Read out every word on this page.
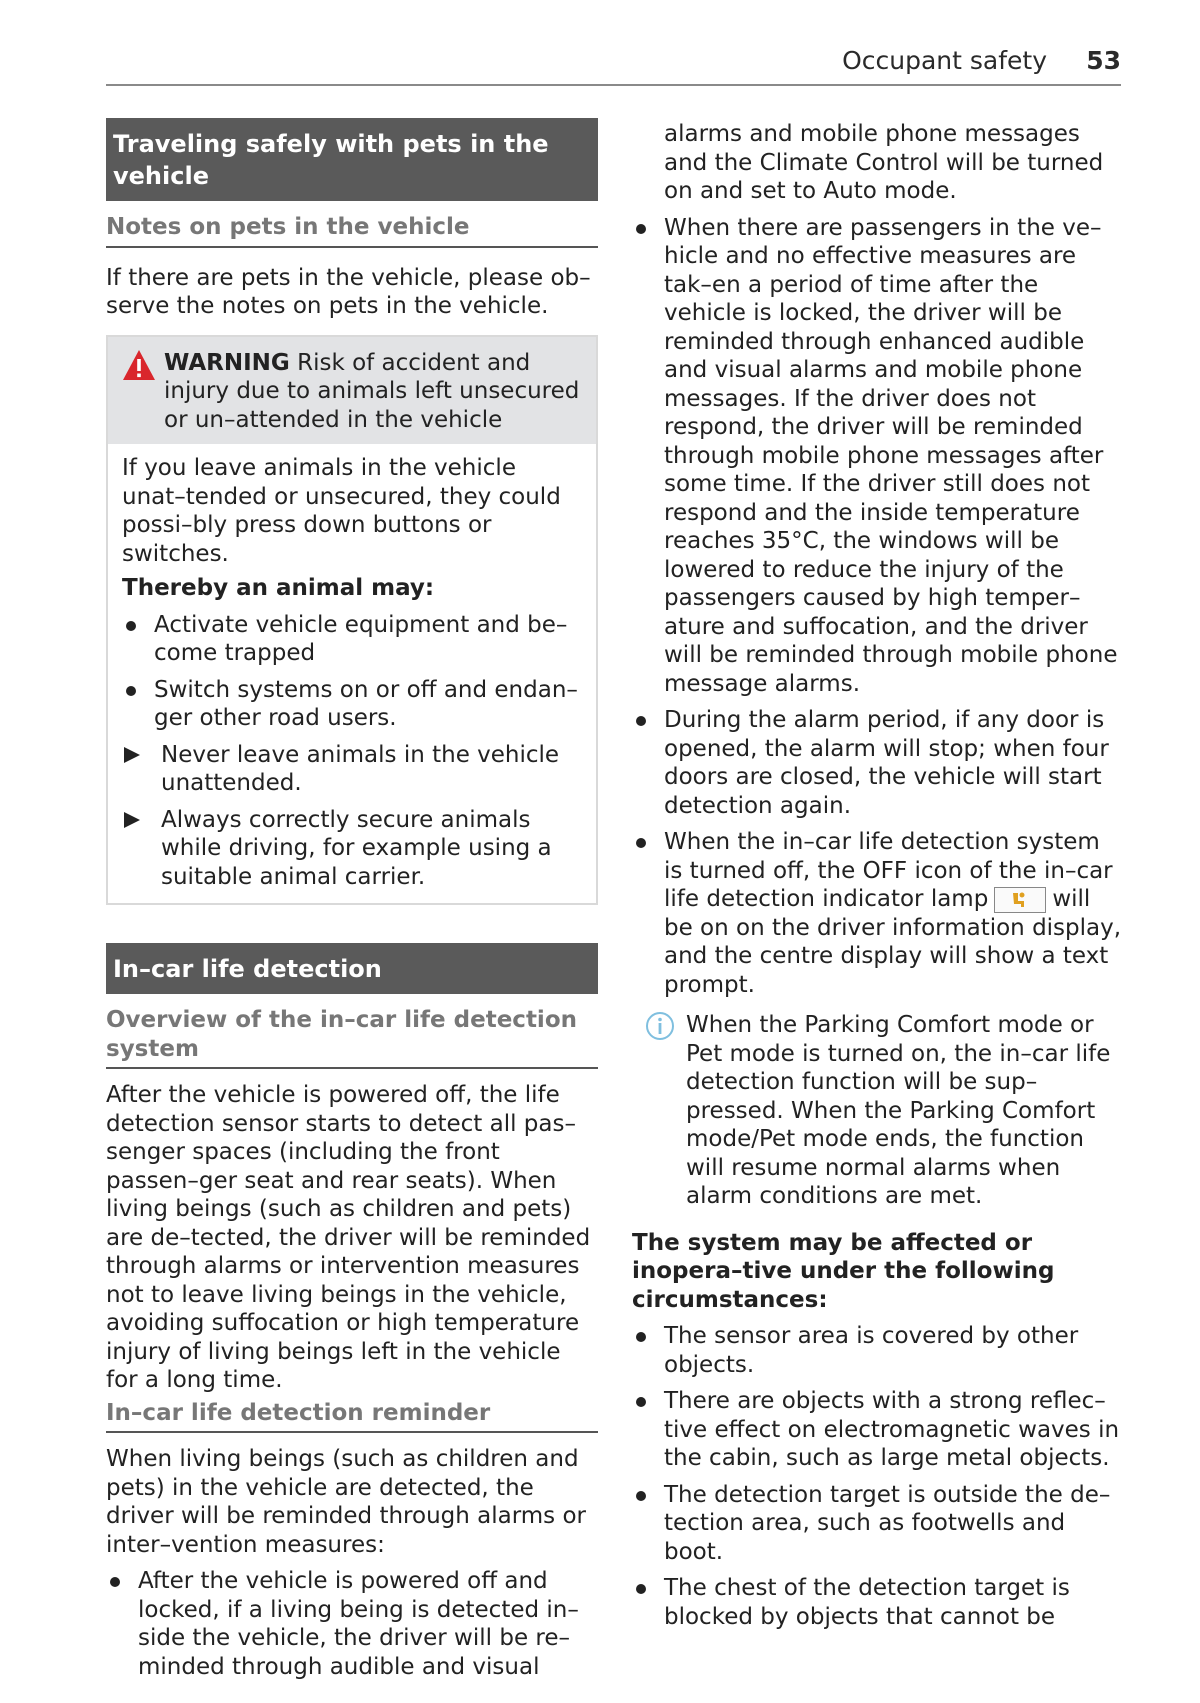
Occupant safety 53
Traveling safely with pets in the vehicle
Notes on pets in the vehicle

If there are pets in the vehicle, please ob–serve the notes on pets in the vehicle.

WARNING Risk of accident and injury due to animals left unsecured or un–attended in the vehicle

If you leave animals in the vehicle unat–tended or unsecured, they could possi–bly press down buttons or switches.

Thereby an animal may:

Activate vehicle equipment and be–come trapped
Switch systems on or off and endan–ger other road users.
Never leave animals in the vehicle unattended.
Always correctly secure animals while driving, for example using a suitable animal carrier.
In–car life detection
Overview of the in–car life detection system

After the vehicle is powered off, the life detection sensor starts to detect all pas–senger spaces (including the front passen–ger seat and rear seats). When living beings (such as children and pets) are de–tected, the driver will be reminded through alarms or intervention measures not to leave living beings in the vehicle, avoiding suffocation or high temperature injury of living beings left in the vehicle for a long time.

In–car life detection reminder

When living beings (such as children and pets) in the vehicle are detected, the driver will be reminded through alarms or inter–vention measures:

After the vehicle is powered off and locked, if a living being is detected in–side the vehicle, the driver will be re–minded through audible and visual

alarms and mobile phone messages and the Climate Control will be turned on and set to Auto mode.

When there are passengers in the ve–hicle and no effective measures are tak–en a period of time after the vehicle is locked, the driver will be reminded through enhanced audible and visual alarms and mobile phone messages. If the driver does not respond, the driver will be reminded through mobile phone messages after some time. If the driver still does not respond and the inside temperature reaches 35°C, the windows will be lowered to reduce the injury of the passengers caused by high temper–ature and suffocation, and the driver will be reminded through mobile phone message alarms.
During the alarm period, if any door is opened, the alarm will stop; when four doors are closed, the vehicle will start detection again.
When the in–car life detection system is turned off, the OFF icon of the in–car life detection indicator lamp	will be on on the driver information display, and the centre display will show a text prompt.

When the Parking Comfort mode or Pet mode is turned on, the in–car life detection function will be sup–pressed. When the Parking Comfort mode/Pet mode ends, the function will resume normal alarms when alarm conditions are met.

The system may be affected or inopera–tive under the following circumstances:

The sensor area is covered by other objects.
There are objects with a strong reflec–tive effect on electromagnetic waves in the cabin, such as large metal objects.
The detection target is outside the de–tection area, such as footwells and boot.
The chest of the detection target is blocked by objects that cannot be
